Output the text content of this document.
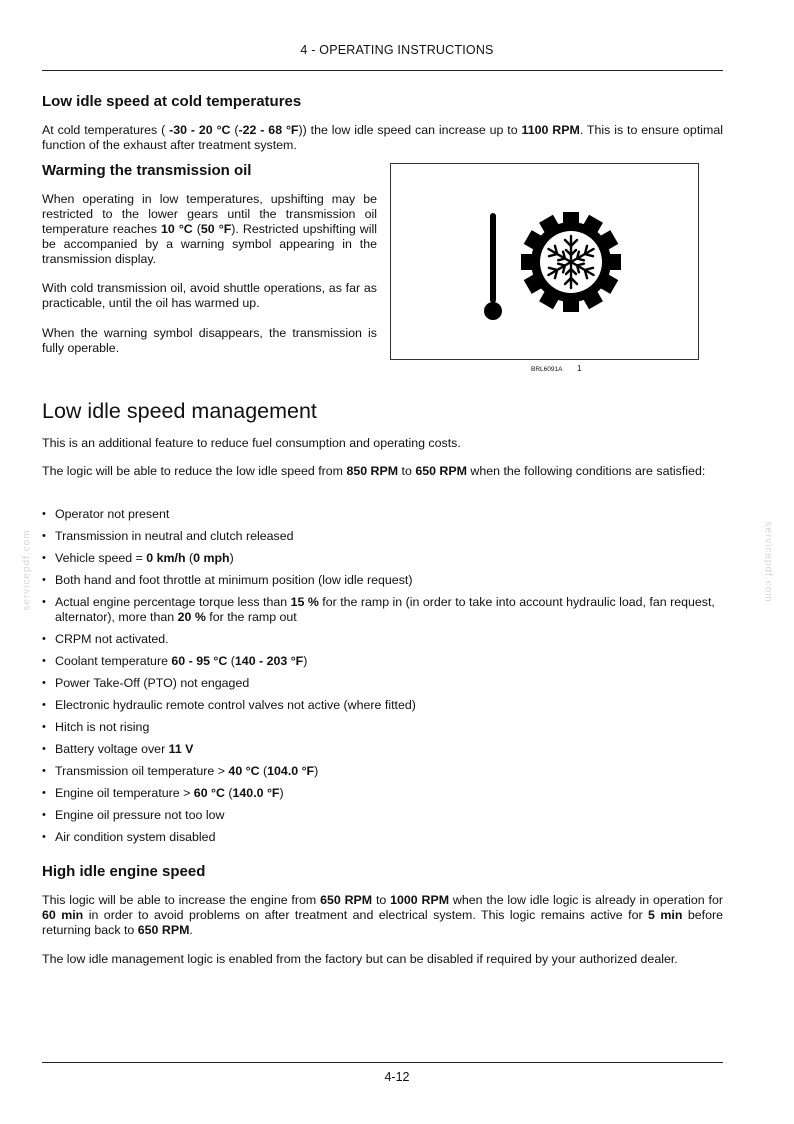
4 - OPERATING INSTRUCTIONS
Low idle speed at cold temperatures

At cold temperatures ( -30 - 20 °C (-22 - 68 °F)) the low idle speed can increase up to 1100 RPM. This is to ensure optimal function of the exhaust after treatment system.

Warming the transmission oil

When operating in low temperatures, upshifting may be restricted to the lower gears until the transmission oil temperature reaches 10 °C (50 °F). Restricted upshifting will be accompanied by a warning symbol appearing in the transmission display.

With cold transmission oil, avoid shuttle operations, as far as practicable, until the oil has warmed up.

When the warning symbol disappears, the transmission is fully operable.

BRL6091A 1
Low idle speed management

This is an additional feature to reduce fuel consumption and operating costs.

The logic will be able to reduce the low idle speed from 850 RPM to 650 RPM when the following conditions are satisfied:

• Operator not present
• Transmission in neutral and clutch released
• Vehicle speed = 0 km/h (0 mph)
• Both hand and foot throttle at minimum position (low idle request)
• Actual engine percentage torque less than 15 % for the ramp in (in order to take into account hydraulic load, fan request, alternator), more than 20 % for the ramp out
• CRPM not activated.
• Coolant temperature 60 - 95 °C (140 - 203 °F)
• Power Take-Off (PTO) not engaged
• Electronic hydraulic remote control valves not active (where fitted)
• Hitch is not rising
• Battery voltage over 11 V
• Transmission oil temperature > 40 °C (104.0 °F)
• Engine oil temperature > 60 °C (140.0 °F)
• Engine oil pressure not too low
• Air condition system disabled
High idle engine speed

This logic will be able to increase the engine from 650 RPM to 1000 RPM when the low idle logic is already in operation for 60 min in order to avoid problems on after treatment and electrical system. This logic remains active for 5 min before returning back to 650 RPM.

The low idle management logic is enabled from the factory but can be disabled if required by your authorized dealer.

servicepdf.com	servicepdf.com
4-12
